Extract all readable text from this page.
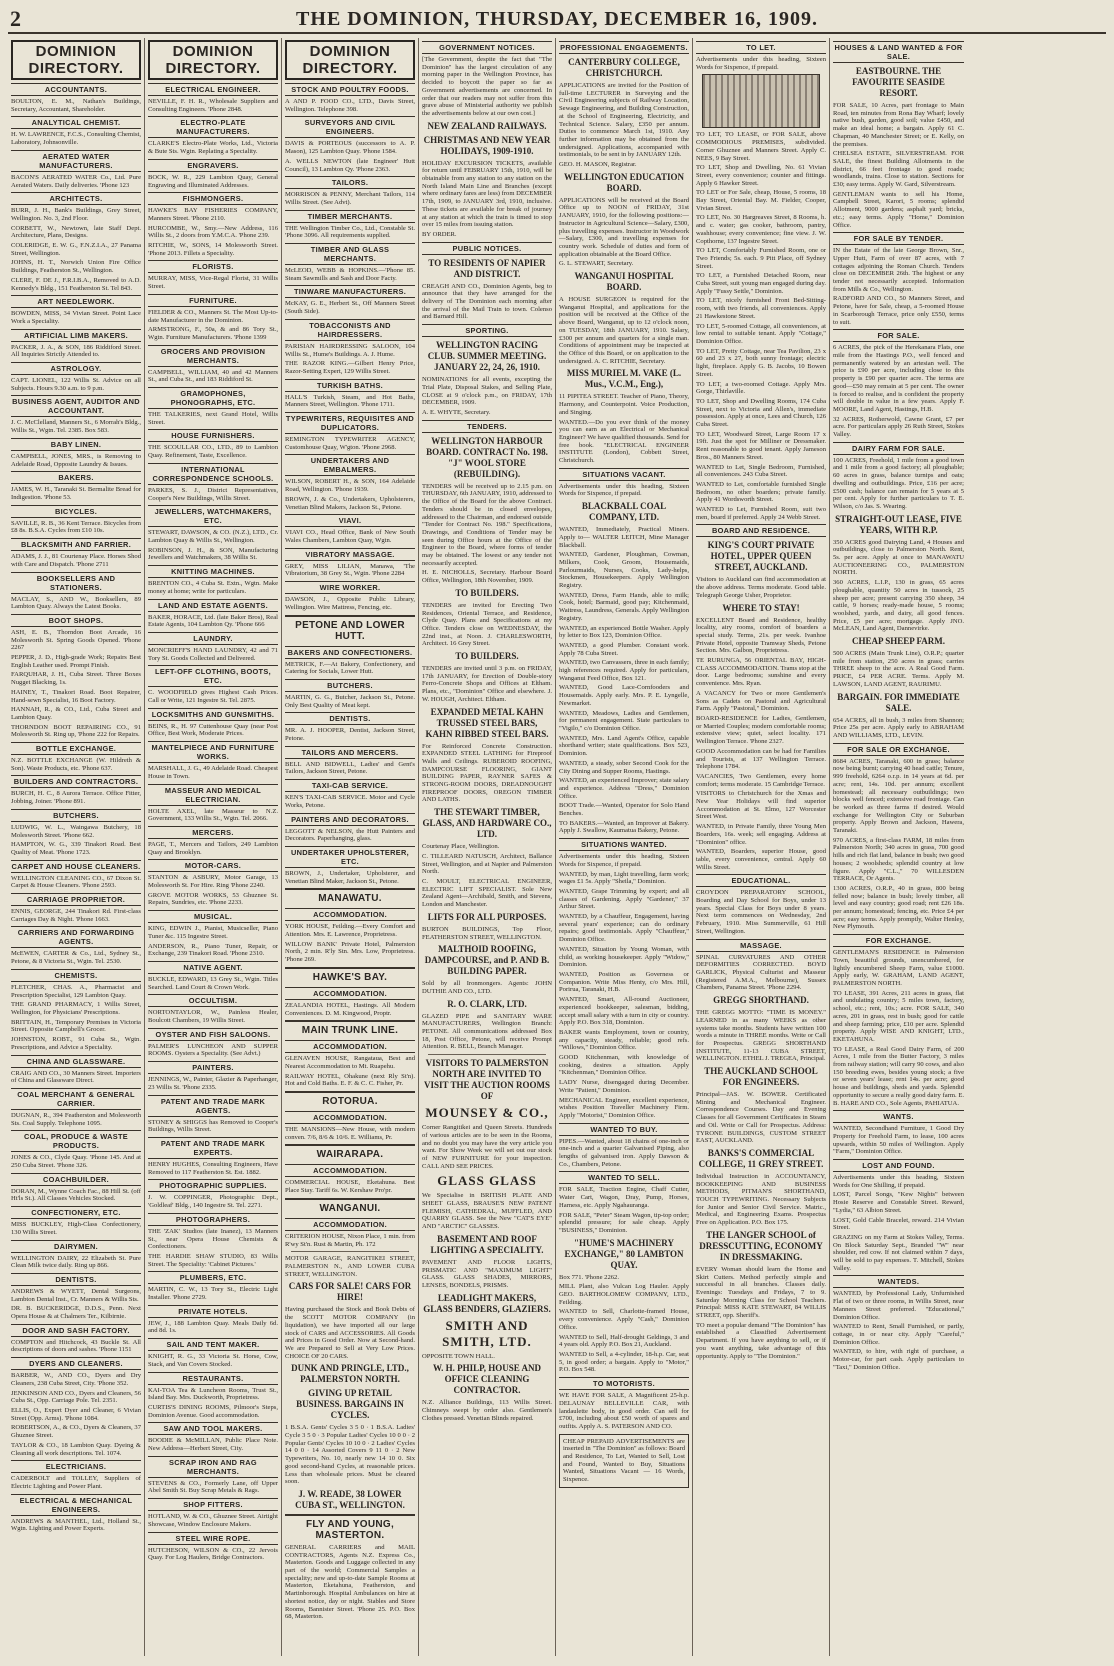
2	THE DOMINION, THURSDAY, DECEMBER 16, 1909.
DOMINION DIRECTORY.
ACCOUNTANTS.
BOULTON, E. M., Nathan's Buildings, Secretary, Accountant, Shareholder.
ANALYTICAL CHEMIST.
H. W. LAWRENCE, F.C.S., Consulting Chemist, Laboratory, Johnsonville.
AERATED WATER MANUFACTURERS.
BACON'S AERATED WATER Co., Ltd. Pure Aerated Waters. Daily deliveries. 'Phone 123
ARCHITECTS.
BURR, J. H., Bank's Buildings, Grey Street, Wellington. No. 3, 2nd Floor.
CORBETT, W., Newtown, late Staff Dept. Architecture, Plans, Designs.
COLERIDGE, E. W. G., F.N.Z.I.A., 27 Panama Street, Wellington.
JOHNS, H. T., Norwich Union Fire Office Buildings, Featherston St., Wellington.
CLERE, F. DE J., F.R.I.B.A., Removed to A.D. Kennedy's Bldg., 151 Featherston St. Tel 843.
ART NEEDLEWORK.
BOWDEN, MISS, 34 Vivian Street. Point Lace Work a Speciality.
ARTIFICIAL LIMB MAKERS.
PACKER, J. A., & SON, 186 Riddiford Street. All Inquiries Strictly Attended to.
ASTROLOGY.
CAPT. LIONEL, 122 Willis St. Advice on all Subjects. Hours 9.30 a.m. to 9 p.m.
BUSINESS AGENT, AUDITOR AND ACCOUNTANT.
J. C. McClelland, Manners St., 6 Morrah's Bldg., Willis St., Wgtn. Tel. 2385. Box 583.
BABY LINEN.
CAMPBELL, JONES, MRS., is Removing to Adelaide Road, Opposite Laundry & Issues.
BAKERS.
JAMES, W. H., Taranaki St. Bermalite Bread for Indigestion. 'Phone 53.
BICYCLES.
SAVILLE, R. B., 36 Kent Terrace. Bicycles from £8 8s. B.S.A. Cycles from £10 10s.
BLACKSMITH AND FARRIER.
ADAMS, J. J., 81 Courtenay Place. Horses Shod with Care and Dispatch. 'Phone 2711
BOOKSELLERS AND STATIONERS.
MACLAY, S., AND W., Booksellers, 89 Lambton Quay. Always the Latest Books.
BOOT SHOPS.
ASH, E. B., Thorndon Boot Arcade, 16 Molesworth St. Spring Goods Opened. 'Phone 2267
PEPPER, J. D., High-grade Work; Repairs Best English Leather used. Prompt Finish.
FARQUHAR, J. H., Cuba Street. Three Boxes Nugget Blacking, 1s.
HAINEY, T., Tinakori Road. Boot Repairer, Hand-sewn Specialist, 16 Boot Factory.
HANNAH, R., & CO., Ltd., Cuba Street and Lambton Quay.
THORNDON BOOT REPAIRING CO., 91 Molesworth St. Ring up, 'Phone 222 for Repairs.
BOTTLE EXCHANGE.
N.Z. BOTTLE EXCHANGE (W. Hildreth & Son). Waste Products, etc. 'Phone 637.
BUILDERS AND CONTRACTORS.
BURCH, H. C., 8 Aurora Terrace. Office Fitter, Jobbing, Joiner. 'Phone 891.
BUTCHERS.
LUDWIG, W. L., Waingawa Butchery, 18 Molesworth Street. 'Phone 662.
HAMPTON, W. G., 339 Tinakori Road. Best Quality of Meat. 'Phone 1723.
CARPET AND HOUSE CLEANERS.
WELLINGTON CLEANING CO., 67 Dixon St. Carpet & House Cleaners. 'Phone 2593.
CARRIAGE PROPRIETOR.
ENNIS, GEORGE, 244 Tinakori Rd. First-class Carriages Day & Night. 'Phone 1663.
CARRIERS AND FORWARDING AGENTS.
McEWEN, CARTER & Co., Ltd., Sydney St., Petone, & 8 Victoria St., Wgtn. Tel. 2530.
CHEMISTS.
FLETCHER, CHAS. A., Pharmacist and Prescription Specialist, 129 Lambton Quay.
THE GRAND PHARMACY, 1 Willis Street, Wellington, for Physicians' Prescriptions.
BRITTAIN, H., Temporary Premises in Victoria Street. Opposite Campbell's Grocer.
JOHNSTON, ROBT., 91 Cuba St., Wgtn. Prescriptions, and Advice a Speciality.
CHINA AND GLASSWARE.
CRAIG AND CO., 30 Manners Street. Importers of China and Glassware Direct.
COAL MERCHANT & GENERAL CARRIER.
DUGNAN, R., 394 Featherston and Molesworth Sts. Coal Supply. Telephone 1095.
COAL, PRODUCE & WASTE PRODUCTS.
JONES & CO., Clyde Quay. 'Phone 145. And at 250 Cuba Street. 'Phone 326.
COACHBUILDER.
DORAN, M., Wynne Coach Fac., 88 Hill St. (off Ht'ls St.). All Classes Vehicles Stocked.
CONFECTIONERY, ETC.
MISS BUCKLEY, High-Class Confectionery, 130 Willis Street.
DAIRYMEN.
WELLINGTON DAIRY, 22 Elizabeth St. Pure Clean Milk twice daily. Ring up 866.
DENTISTS.
ANDREWS & WYETT, Dental Surgeons, Lambton Dental Inst., Cr. Manners & Willis Sts.
DR. B. BUCKERIDGE, D.D.S., Penn. Next Opera House & at Chalmers Ter., Kilbirnie.
DOOR AND SASH FACTORY.
COMPTON and Hitchcock, 43 Buckle St. All descriptions of doors and sashes. 'Phone 1151
DYERS AND CLEANERS.
BARBER, W., AND CO., Dyers and Dry Cleaners, 238 Cuba Street, City. 'Phone 352.
JENKINSON AND CO., Dyers and Cleaners, 56 Cuba St., Opp. Carriage Pole. Tel. 2351.
ELLIS, O., Expert Dyer and Cleaner, 6 Vivian Street (Opp. Arms). 'Phone 1084.
ROBERTSON, A., & CO., Dyers & Cleaners, 37 Ghuznee Street.
TAYLOR & CO., 18 Lambton Quay. Dyeing & Cleaning all work descriptions. Tel. 1074.
ELECTRICIANS.
CADERBOLT and TOLLEY, Suppliers of Electric Lighting and Power Plant.
ELECTRICAL & MECHANICAL ENGINEERS.
ANDREWS & MANTHEL, Ltd., Holland St., Wgtn. Lighting and Power Experts.
DOMINION DIRECTORY.
ELECTRICAL ENGINEER.
NEVILLE, F. H. R., Wholesale Suppliers and Consulting Engineers. 'Phone 2848.
ELECTRO-PLATE MANUFACTURERS.
CLARKE'S Electro-Plate Works, Ltd., Victoria & Bute Sts. Wgtn. Replating a Speciality.
ENGRAVERS.
BOCK, W. R., 229 Lambton Quay, General Engraving and Illuminated Addresses.
FISHMONGERS.
HAWKE'S BAY FISHERIES COMPANY, Manners Street. 'Phone 2110.
HURCOMBE, W., Smy.—New Address, 116 Willis St., 2 doors from Y.M.C.A. 'Phone 239.
RITCHIE, W., SONS, 14 Molesworth Street. 'Phone 2013. Fillets a Speciality.
FLORISTS.
MURRAY, MISS, Vice-Regal Florist, 31 Willis Street.
FURNITURE.
FIELDER & CO., Manners St. The Most Up-to-date Manufacturer in the Dominion.
ARMSTRONG, F., 50a, & and 86 Tory St., Wgtn. Furniture Manufacturers. 'Phone 1399
GROCERS AND PROVISION MERCHANTS.
CAMPBELL, WILLIAM, 40 and 42 Manners St., and Cuba St., and 183 Riddiford St.
GRAMOPHONES, PHONOGRAPHS, ETC.
THE TALKERIES, next Grand Hotel, Willis Street.
HOUSE FURNISHERS.
THE SCOULLAR CO., LTD., 89 to Lambton Quay. Refinement, Taste, Excellence.
INTERNATIONAL CORRESPONDENCE SCHOOLS.
PARKES, S. J., District Representatives, Cooper's New Buildings, Willis Street.
JEWELLERS, WATCHMAKERS, ETC.
STEWART, DAWSON, & CO. (N.Z.), LTD., Cr. Lambton Quay & Willis St., Wellington.
ROBINSON, J. H., & SON, Manufacturing Jewellers and Watchmakers, 38 Willis St.
KNITTING MACHINES.
BRENTON CO., 4 Cuba St. Extn., Wgtn. Make money at home; write for particulars.
LAND AND ESTATE AGENTS.
BAKER, HORACE, Ltd. (late Baker Bros), Real Estate Agents, 104 Lambton Qy. 'Phone 666
LAUNDRY.
MONCRIEFF'S HAND LAUNDRY, 42 and 71 Tory St. Goods Collected and Delivered.
LEFT-OFF CLOTHING, BOOTS, ETC.
C. WOODFIELD gives Highest Cash Prices. Call or Write, 121 Ingestre St. Tel. 2875.
LOCKSMITHS AND GUNSMITHS.
BEINS, R., H. 97 Cuttenhouse Quay (near Post Office, Best Work, Moderate Prices.
MANTELPIECE AND FURNITURE WORKS.
MARSHALL, J. G., 49 Adelaide Road. Cheapest House in Town.
MASSEUR AND MEDICAL ELECTRICIAN.
HOLTE AXEL, late Masseur to N.Z. Government, 133 Willis St., Wgtn. Tel. 2066.
MERCERS.
PAGE, T., Mercers and Tailors, 249 Lambton Quay and Brooklyn.
MOTOR-CARS.
STANTON & ASBURY, Motor Garage, 13 Molesworth St. For Hire. Ring 'Phone 2240.
GROVE MOTOR WORKS, 53 Ghuznee St. Repairs, Sundries, etc. 'Phone 2233.
MUSICAL.
KING, EDWIN J., Pianist, Musicseller, Piano Tuner &c. 115 Ingestre Street.
ANDERSON, R., Piano Tuner, Repair, or Exchange, 239 Tinakori Road. 'Phone 2310.
NATIVE AGENT.
BUCKLE, EDWARD, 13 Grey St., Wgtn. Titles Searched. Land Court & Crown Work.
OCCULTISM.
NORTONTAYLOR, W., Painless Healer, Boulcott Chambers, 19 Willis Street.
OYSTER AND FISH SALOONS.
PALMER'S LUNCHEON AND SUPPER ROOMS. Oysters a Speciality. (See Advt.)
PAINTERS.
JENNINGS, W., Painter, Glazier & Paperhanger, 23 Willis St. 'Phone 2335.
PATENT AND TRADE MARK AGENTS.
STONEY & SHIGGS has Removed to Cooper's Buildings, Willis Street.
PATENT AND TRADE MARK EXPERTS.
HENRY HUGHES, Consulting Engineers, Have Removed to 117 Featherston St. Est. 1882.
PHOTOGRAPHIC SUPPLIES.
J. W. COPPINGER, Photographic Dept., 'Goldleaf' Bldg., 140 Ingestre St. Tel. 2271.
PHOTOGRAPHERS.
THE 'ZAK' Studios (late Inanez), 13 Manners St., near Opera House Chemists & Confectioners.
THE HARDIE SHAW STUDIO, 83 Willis Street. The Speciality: 'Cabinet Pictures.'
PLUMBERS, ETC.
MARTIN, C. W., 13 Tory St., Electric Light Installer. 'Phone 2729.
PRIVATE HOTELS.
JEW, J., 188 Lambton Quay. Meals Daily 6d. and 8d. 1s.
SAIL AND TENT MAKER.
KNIGHT, R. G., 33 Victoria St. Horse, Cow, Stack, and Van Covers Stocked.
RESTAURANTS.
KAI-TOA Tea & Luncheon Rooms, Trust St., Island Bay. Mrs. Duckworth, Proprietress.
CURTIS'S DINING ROOMS, Pilmoor's Steps, Dominion Avenue. Good accommodation.
SAW AND TOOL MAKERS.
BOODIE & McMILLAN, Public Place Note. New Address—Herbert Street, City.
SCRAP IRON AND RAG MERCHANTS.
STEVENS & CO., Formerly Lane, off Upper Abel Smith St. Buy Scrap Metals & Rags.
SHOP FITTERS.
HOTLAND, W. & CO., Ghuznee Street. Airtight Showcase, Window Enclosure Makers.
STEEL WIRE ROPE.
HUTCHESON, WILSON & CO., 22 Jervois Quay. For Log Haulers, Bridge Contractors.
DOMINION DIRECTORY.
STOCK AND POULTRY FOODS.
A AND P. FOOD CO., LTD., Davis Street, Wellington. Telephone 398.
SURVEYORS AND CIVIL ENGINEERS.
DAVIS & PORTEOUS (successors to A. P. Mason), 125 Lambton Quay. 'Phone 1584.
A. WELLS NEWTON (late Engineer' Hutt Council), 13 Lambton Qy. 'Phone 2363.
TAILORS.
MORRISON & PENNY, Merchant Tailors, 114 Willis Street. (See Advt).
TIMBER MERCHANTS.
THE Wellington Timber Co., Ltd., Constable St. 'Phone 3096. All requirements supplied.
TIMBER AND GLASS MERCHANTS.
McLEOD, WEBB & HOPKINS.—'Phone 85. Steam Sawmills and Sash and Door Facty.
TINWARE MANUFACTURERS.
McKAY, G. E., Herbert St., Off Manners Street (South Side).
TOBACCONISTS AND HAIRDRESSERS.
PARISIAN HAIRDRESSING SALOON, 104 Willis St., Hume's Buildings. A. J. Hume.
THE RAZOR KING.—Gilbert Henry Price, Razor-Setting Expert, 129 Willis Street.
TURKISH BATHS.
HALL'S Turkish, Steam, and Hot Baths, Manners Street, Wellington. 'Phone 1711.
TYPEWRITERS, REQUISITES AND DUPLICATORS.
REMINGTON TYPEWRITER AGENCY, Customhouse Quay, W'gton. 'Phone 2968.
UNDERTAKERS AND EMBALMERS.
WILSON, ROBERT H., & SON, 164 Adelaide Road, Wellington. 'Phone 1939.
BROWN, J. & Co., Undertakers, Upholsterers, Venetian Blind Makers, Jackson St., Petone.
VIAVI.
VIAVI CO., Head Office, Bank of New South Wales Chambers, Lambton Quay, Wgtn.
VIBRATORY MASSAGE.
GREY, MISS LILIAN, Manawa, 'The Vibratorium, 38 Grey St., Wgtn. 'Phone 2284
WIRE WORKER.
DAWSON, J., Opposite Public Library, Wellington. Wire Mattress, Fencing, etc.
PETONE AND LOWER HUTT.
BAKERS AND CONFECTIONERS.
METRICK, F.—At Bakery, Confectionery, and Catering for Socials, Lower Hutt.
BUTCHERS.
MARTIN, G. G., Butcher, Jackson St., Petone. Only Best Quality of Meat kept.
DENTISTS.
MR. A. J. HOOPER, Dentist, Jackson Street, Petone.
TAILORS AND MERCERS.
BELL AND BIDWELL, Ladies' and Gent's Tailors, Jackson Street, Petone.
TAXI-CAB SERVICE.
KEN'S TAXI-CAB SERVICE. Motor and Cycle Works, Petone.
PAINTERS AND DECORATORS.
LEGGOTT & NELSON, the Hutt Painters and Decorators. Paperhanging, glass.
UNDERTAKER UPHOLSTERER, ETC.
BROWN, J., Undertaker, Upholsterer, and Venetian Blind Maker, Jackson St., Petone.
MANAWATU.
ACCOMMODATION.
YORK HOUSE, Feilding.—Every Comfort and Attention. Mrs. E. Lawrence, Proprietress.
WILLOW BANK' Private Hotel, Palmerston North, 2 min. R'ly Stn. Mrs. Low, Proprietress. 'Phone 269.
HAWKE'S BAY.
ACCOMMODATION.
ZEALANDIA HOTEL, Hastings. All Modern Conveniences. D. M. Kingwood, Proptr.
MAIN TRUNK LINE.
ACCOMMODATION.
GLENAVEN HOUSE, Rangataua, Best and Nearest Accommodation to Mt. Ruapehu.
RAILWAY HOTEL, Ohakune (next Rly St'n). Hot and Cold Baths. E. F. & C. C. Fisher, Pr.
ROTORUA.
ACCOMMODATION.
THE MANSIONS—New House, with modern conven. 7/6, 8/6 & 10/6. E. Williams, Pr.
WAIRARAPA.
ACCOMMODATION.
COMMERCIAL HOUSE, Eketahuna. Best Place Stay. Tariff 6s. W. Kershaw Pro'pr.
WANGANUI.
ACCOMMODATION.
CRITERION HOUSE, Nixon Place, 1 min. from R'wy St'n. Rust & Martin, Ph. 172
MOTOR GARAGE, RANGITIKEI STREET, PALMERSTON N., AND LOWER CUBA STREET, WELLINGTON.
CARS FOR SALE! CARS FOR HIRE!
Having purchased the Stock and Book Debts of the SCOTT MOTOR COMPANY (in liquidation), we have imported all our large stock of CARS and ACCESSORIES. All Goods and Prices in Good Order. Now at Second-hand. We are Prepared to Sell at Very Low Prices. CHOICE OF 20 CARS.
DUNK AND PRINGLE, LTD., PALMERSTON NORTH.
GIVING UP RETAIL BUSINESS. BARGAINS IN CYCLES.
1 B.S.A. Gents' Cycles 3 5 0 · 1 B.S.A. Ladies' Cycle 3 5 0 · 3 Popular Ladies' Cycles 10 0 0 · 2 Popular Gents' Cycles 10 10 0 · 2 Ladies' Cycles 14 0 0 · 14 Assorted Covers 9 11 0 · 2 New Typewriters, No. 10, nearly new 14 10 0. Six good second-hand Cycles, at reasonable prices. Less than wholesale prices. Must be cleared soon.
J. W. READE, 38 LOWER CUBA ST., WELLINGTON.
FLY AND YOUNG, MASTERTON.
GENERAL CARRIERS and MAIL CONTRACTORS, Agents N.Z. Express Co., Masterton. Goods and Luggage collected in any part of the world; Commercial Samples a speciality; new and up-to-date Sample Rooms at Masterton, Eketahuna, Featherston, and Martinborough. Hospital Ambulances on hire at shortest notice, day or night. Stables and Store Rooms, Bannister Street. 'Phone 25. P.O. Box 68, Masterton.
GOVERNMENT NOTICES.
[The Government, despite the fact that "The Dominion" has the largest circulation of any morning paper in the Wellington Province, has decided to boycott the paper so far as Government advertisements are concerned. In order that our readers may not suffer from this grave abuse of Ministerial authority we publish the advertisements below at our own cost.]
NEW ZEALAND RAILWAYS.
CHRISTMAS AND NEW YEAR HOLIDAYS, 1909-1910.
HOLIDAY EXCURSION TICKETS, available for return until FEBRUARY 15th, 1910, will be obtainable from any station to any station on the North Island Main Line and Branches (except where ordinary fares are less) from DECEMBER 17th, 1909, to JANUARY 3rd, 1910, inclusive. These tickets are available for break of journey at any station at which the train is timed to stop over 15 miles from issuing station.
BY ORDER.
PUBLIC NOTICES.
TO RESIDENTS OF NAPIER AND DISTRICT.
CREAGH AND CO., Dominion Agents, beg to announce that they have arranged for the delivery of The Dominion each morning after the arrival of the Mail Train to town. Colenso and Barnard Hill.
SPORTING.
WELLINGTON RACING CLUB. SUMMER MEETING. JANUARY 22, 24, 26, 1910.
NOMINATIONS for all events, excepting the Trial Plate, Disposal Stakes, and Selling Plate, CLOSE at 9 o'clock p.m., on FRIDAY, 17th DECEMBER, 1909.
A. E. WHYTE, Secretary.
TENDERS.
WELLINGTON HARBOUR BOARD. CONTRACT No. 198. "J" WOOL STORE (REBUILDING).
TENDERS will be received up to 2.15 p.m. on THURSDAY, 6th JANUARY, 1910, addressed to the Office of the Board for the above Contract. Tenders should be in closed envelopes, addressed to the Chairman, and endorsed outside "Tender for Contract No. 198." Specifications, Drawings, and Conditions of Tender may be seen during Office hours at the Office of the Engineer to the Board, where forms of tender may be obtained. The lowest or any tender not necessarily accepted.
H. E. NICHOLLS, Secretary. Harbour Board Office, Wellington, 18th November, 1909.
TO BUILDERS.
TENDERS are invited for Erecting Two Residences, Oriental Terrace, and Residence, Clyde Quay. Plans and Specifications at my Office. Tenders close on WEDNESDAY, the 22nd inst., at Noon. J. CHARLESWORTH, Architect. 16 Grey Street.
TO BUILDERS.
TENDERS are invited until 3 p.m. on FRIDAY, 17th JANUARY, for Erection of Double-story Ferro-Concrete Shops and Offices at Eltham. Plans, etc., "Dominion" Office and elsewhere. J. W. HOUGH, Architect. Eltham.
EXPANDED METAL KAHN TRUSSED STEEL BARS, KAHN RIBBED STEEL BARS.
For Reinforced Concrete Construction. EXPANDED STEEL LATHING for Fireproof Walls and Ceilings. RUBEROID ROOFING, DAMPCOURSE FLOORING, GIANT BUILDING PAPER, RAYNER SAFES & STRONG-ROOM DOORS, DREADNOUGHT FIREPROOF DOORS, OREGON TIMBER AND LATHS.
THE STEWART TIMBER, GLASS, AND HARDWARE CO., LTD.
Courtenay Place, Wellington.
C. TILLEARD NATUSCH, Architect, Ballance Street, Wellington, and at Napier and Palmerston North.
C. MOULT, ELECTRICAL ENGINEER, ELECTRIC LIFT SPECIALIST. Sole New Zealand Agent—Archibald, Smith, and Stevens, London and Manchester.
LIFTS FOR ALL PURPOSES.
BURTON BUILDINGS, Top Floor, FEATHERSTON STREET, WELLINGTON.
MALTHOID ROOFING, DAMPCOURSE, and P. AND B. BUILDING PAPER.
Sold by all Ironmongers. Agents: JOHN DUTHIE AND CO., LTD.
R. O. CLARK, LTD.
GLAZED PIPE and SANITARY WARE MANUFACTURERS, Wellington Branch: PETONE. All communications addressed Box 18, Post Office, Petone, will receive Prompt Attention. R. BELL, Branch Manager.
VISITORS TO PALMERSTON NORTH ARE INVITED TO VISIT THE AUCTION ROOMS OF
MOUNSEY & CO.,
Corner Rangitikei and Queen Streets. Hundreds of various articles are to be seen in the Rooms, and no doubt you may have the very article you want. For Show Week we will set out our stock of NEW FURNITURE for your inspection. CALL AND SEE PRICES.
GLASS GLASS
We Specialise in BRITISH PLATE AND SHEET GLASS, BRAUSE'S NEW PATENT FLEMISH, CATHEDRAL, MUFFLED, AND QUARRY GLASS. See the New "CAT'S EYE" AND "ARCTIC" GLASSES.
BASEMENT AND ROOF LIGHTING A SPECIALITY.
PAVEMENT AND FLOOR LIGHTS, PRISMATIC AND "MAXIMUM LIGHT" GLASS. GLASS SHADES, MIRRORS, LENSES, BONDELS, PRISMS.
LEADLIGHT MAKERS, GLASS BENDERS, GLAZIERS.
SMITH AND SMITH, LTD.
OPPOSITE TOWN HALL.
W. H. PHILP, HOUSE AND OFFICE CLEANING CONTRACTOR.
N.Z. Alliance Buildings, 113 Willis Street. Chimneys swept by order also. Gentlemen's Clothes pressed. Venetian Blinds repaired.
PROFESSIONAL ENGAGEMENTS.
CANTERBURY COLLEGE, CHRISTCHURCH.
APPLICATIONS are invited for the Position of full-time LECTURER in Surveying and the Civil Engineering subjects of Railway Location, Sewage Engineering, and Building Construction, at the School of Engineering, Electricity, and Technical Science. Salary, £350 per annum. Duties to commence March 1st, 1910. Any further information may be obtained from the undersigned. Applications, accompanied with testimonials, to be sent in by JANUARY 12th.
GEO. H. MASON, Registrar.
WELLINGTON EDUCATION BOARD.
APPLICATIONS will be received at the Board Office up to NOON of FRIDAY, 31st JANUARY, 1910, for the following positions:— Instructor in Agricultural Science—Salary, £300, plus travelling expenses. Instructor in Woodwork—Salary, £300, and travelling expenses for country work. Schedule of duties and form of application obtainable at the Board Office.
G. L. STEWART, Secretary.
WANGANUI HOSPITAL BOARD.
A HOUSE SURGEON is required for the Wanganui Hospital, and applications for the position will be received at the Office of the above Board, Wanganui, up to 12 o'clock noon, on TUESDAY, 18th JANUARY, 1910. Salary, £300 per annum and quarters for a single man. Conditions of appointment may be inspected at the Office of this Board, or on application to the undersigned. A. C. RITCHIE, Secretary.
MISS MURIEL M. VAKE (L. Mus., V.C.M., Eng.),
11 PIPITEA STREET. Teacher of Piano, Theory, Harmony, and Counterpoint. Voice Production, and Singing.
WANTED.—Do you ever think of the money you can earn as an Electrical or Mechanical Engineer? We have qualified thousands. Send for free book. "ELECTRICAL ENGINEER INSTITUTE (London), Cobbett Street, Christchurch.
SITUATIONS VACANT.
Advertisements under this heading, Sixteen Words for Sixpence, if prepaid.
BLACKBALL COAL COMPANY, LTD.
WANTED, Immediately, Practical Miners. Apply to— WALTER LEITCH, Mine Manager Blackball.
WANTED, Gardener, Ploughman, Cowman, Milkers, Cook, Groom, Housemaids, Parlourmaids, Nurses, Cooks, Lady-helps, Stockmen, Housekeepers. Apply Wellington Registry.
WANTED, Dress, Farm Hands, able to milk; Cook, hotel; Barmaid, good pay; Kitchenmaid, Waitress, Laundress, Generals. Apply Wellington Registry.
WANTED, an experienced Bottle Washer. Apply by letter to Box 123, Dominion Office.
WANTED, a good Plumber. Constant work. Apply 78 Cuba Street.
WANTED, two Canvassers, three in each family; high references required. Apply for particulars, Wanganui Feed Office, Box 121.
WANTED, Good Lace-Cornfooders and Housemaids. Apply early. Mrs. P. E. Lyngelle, Newmarket.
WANTED, Meadows, Ladies and Gentlemen, for permanent engagement. State particulars to "Vigilo," c/o Dominion Office.
WANTED, Mrs. Land Agent's Office, capable shorthand writer; state qualifications. Box 523, Dominion.
WANTED, a steady, sober Second Cook for the City Dining and Supper Rooms, Hastings.
WANTED, an experienced Improver; state salary and experience. Address "Dress," Dominion Office.
BOOT Trade.—Wanted, Operator for Solo Hand Benches.
TO BAKERS.—Wanted, an Improver at Bakery. Apply J. Swallow, Kaumatua Bakery, Petone.
SITUATIONS WANTED.
Advertisements under this heading, Sixteen Words for Sixpence, if prepaid.
WANTED, by man, Light travelling, farm work; wages £1 5s. Apply "Sheila," Dominion.
WANTED, Grape Trimming by expert; and all classes of Gardening. Apply "Gardener," 37 Arthur Street.
WANTED, by a Chauffeur, Engagement, having several years' experience; can do ordinary repairs; good testimonials. Apply "Chauffeur," Dominion Office.
WANTED, Situation by Young Woman, with child, as working housekeeper. Apply "Widow," Dominion.
WANTED, Position as Governess or Companion. Write Miss Henty, c/o Mrs. Hill, Porirua, Taranaki, H.B.
WANTED, Smart, All-round Auctioneer, experienced bookkeeper, salesman, bidding, accept small salary with a turn in city or country. Apply P.O. Box 318, Dominion.
BAKER wants Employment, town or country, any capacity, steady, reliable; good refs. "Willows," Dominion Office.
GOOD Kitchenman, with knowledge of cooking, desires a situation. Apply "Kitchenman," Dominion Office.
LADY Nurse, disengaged during December. Write "Patient," Dominion.
MECHANICAL Engineer, excellent experience, wishes Position Traveller Machinery Firm. Apply "Motorist," Dominion Office.
WANTED TO BUY.
PIPES.—Wanted, about 18 chains of one-inch or one-inch and a quarter Galvanised Piping, also lengths of galvanised iron. Apply Dawson & Co., Chambers, Petone.
WANTED TO SELL.
FOR SALE, Traction Engine, Chaff Cutter, Water Cart, Wagon, Dray, Pump, Horses, Harness, etc. Apply Ngahauranga.
FOR SALE, "Peter" Steam Wagon, tip-top order; splendid pressure; for sale cheap. Apply "BUSINESS," Dominion.
"HUME'S MACHINERY EXCHANGE," 80 LAMBTON QUAY.
Box 771. 'Phone 2262.
MILL Plant, also Vulcan Log Hauler. Apply GEO. BARTHOLOMEW COMPANY, LTD., Feilding.
WANTED to Sell, Charlotte-framed House, every convenience. Apply "Cash," Dominion Office.
WANTED to Sell, Half-drought Geldings, 3 and 4 years old. Apply P.O. Box 21, Auckland.
WANTED to Sell, a 4-cylinder, 18-h.p. Car, seat 5, in good order; a bargain. Apply to "Motor," P.O. Box 548.
TO MOTORISTS.
WE HAVE FOR SALE, A Magnificent 25-h.p. DELAUNAY BELLEVILLE CAR, with landaulette body, in good order. Can sell for £700, including about £50 worth of spares and outfits. Apply A. S. PATERSON AND CO.
CHEAP PREPAID ADVERTISEMENTS are inserted in "The Dominion" as follows: Board and Residence, To Let, Wanted to Sell, Lost and Found, Wanted to Buy, Situations Wanted, Situations Vacant — 16 Words, Sixpence.
TO LET.
Advertisements under this heading, Sixteen Words for Sixpence, if prepaid.
TO LET, TO LEASE, or FOR SALE, above COMMODIOUS PREMISES, subdivided. Corner Ghuznee and Manners Street. Apply C. NEES, 9 Bay Street.
TO LET, Shop and Dwelling, No. 61 Vivian Street, every convenience; counter and fittings. Apply 6 Hawker Street.
TO LET or For Sale, cheap, House, 5 rooms, 18 Bay Street, Oriental Bay. M. Fielder, Cooper, Vivian Street.
TO LET, No. 30 Hargreaves Street, 8 Rooms, h. and c. water; gas cooker, bathroom, pantry, washhouse; every convenience; fine view. J. W. Copthorne, 137 Ingestre Street.
TO LET, Comfortably Furnished Room, one or Two Friends; 5s. each. 9 Pitt Place, off Sydney Street.
TO LET, a Furnished Detached Room, near Cuba Street, suit young man engaged during day. Apply "Fussy Settle," Dominion.
TO LET, nicely furnished Front Bed-Sitting-room, with two friends, all conveniences. Apply 21 Hawkestone Street.
TO LET, 5-roomed Cottage, all conveniences, at low rental to suitable tenant. Apply "Cottage," Dominion Office.
TO LET, Pretty Cottage, near Tea Pavilion, 23 x 60 and 23 x 27, both sunny frontage; electric light, fireplace. Apply G. B. Jacobs, 10 Bowen Street.
TO LET, a two-roomed Cottage. Apply Mrs. Gorge, Thirlaville.
TO LET, Shop and Dwelling Rooms, 174 Cuba Street, next to Victoria and Allen's, immediate possession. Apply at once, Lees and Church, 126 Cuba Street.
TO LET, Woodward Street, Large Room 17 x 19ft. Just the spot for Milliner or Dressmaker. Rent reasonable to good tenant. Apply Jameson Bros., 80 Manners Street.
WANTED to Let, Single Bedroom, Furnished, all conveniences. 243 Cuba Street.
WANTED to Let, comfortable furnished Single Bedroom, no other boarders; private family. Apply 41 Wordsworth Street.
WANTED to Let, Furnished Room, suit two men, board if preferred. Apply 24 Webb Street.
BOARD AND RESIDENCE.
KING'S COURT PRIVATE HOTEL, UPPER QUEEN STREET, AUCKLAND.
Visitors to Auckland can find accommodation at the above address. Terms moderate. Good table. Telegraph George Usher, Proprietor.
WHERE TO STAY!
EXCELLENT Board and Residence, healthy locality, airy rooms, comfort of boarders a special study. Terms, 21s. per week. Ivanhoe Private Hotel, opposite Tramway Sheds, Petone Section. Mrs. Galbon, Proprietress.
TE RURUNGA, 56 ORIENTAL BAY, HIGH-CLASS ACCOMMODATION. Trams stop at the door. Large bedrooms; sunshine and every convenience. Mrs. Ryan.
A VACANCY for Two or more Gentlemen's Sons as Cadets on Pastoral and Agricultural Farm. Apply "Pastoral," Dominion.
BOARD-RESIDENCE for Ladies, Gentlemen, or Married Couples; modern comfortable rooms; extensive view; quiet, select locality. 171 Wellington Terrace. 'Phone 2327.
GOOD Accommodation can be had for Families and Tourists, at 137 Wellington Terrace. Telephone 1784.
VACANCIES, Two Gentlemen, every home comfort; terms moderate. 15 Cambridge Terrace.
VISITORS to Christchurch for the Xmas and New Year Holidays will find superior Accommodation at St. Elmo, 127 Worcester Street West.
WANTED, in Private Family, three Young Men Boarders, 16s. week; sell engaging. Address at "Dominion" office.
WANTED, Boarders, superior House, good table, every convenience, central. Apply 60 Willis Street.
EDUCATIONAL.
CROYDON PREPARATORY SCHOOL, Boarding and Day School for Boys, under 13 years. Special Class for Boys under 8 years. Next term commences on Wednesday, 2nd February, 1910. Miss Summerville, 61 Hill Street, Wellington.
MASSAGE.
SPINAL CURVATURES AND OTHER DEFORMITIES CORRECTED. BOYD GARLICK, Physical Culturist and Masseur (Registered A.M.A., Melbourne), Sussex Chambers, Panama Street. 'Phone 2294.
GREGG SHORTHAND.
THE GREGG MOTTO: "TIME IS MONEY." LEARNED in as many WEEKS as other systems take months. Students have written 100 words a minute in THREE months. Write or Call for Prospectus. GREGG SHORTHAND INSTITUTE, 11-13 CUBA STREET, WELLINGTON. ETHEL J. TREGEA, Principal.
THE AUCKLAND SCHOOL FOR ENGINEERS.
Principal—JAS. W. BOWER. Certificated Mining and Mechanical Engineer. Correspondence Courses. Day and Evening Classes for all Government Certificates in Steam and Oil. Write or Call for Prospectus. Address: TYRONE BUILDINGS, CUSTOM STREET EAST, AUCKLAND.
BANKS'S COMMERCIAL COLLEGE, 11 GREY STREET.
Individual Instruction in ACCOUNTANCY, BOOKKEEPING AND BUSINESS METHODS, PITMAN'S SHORTHAND, TOUCH TYPEWRITING. Necessary Subjects for Junior and Senior Civil Service. Matric., Medical, and Engineering Exams. Prospectus Free on Application. P.O. Box 175.
THE LANGER SCHOOL of DRESSCUTTING, ECONOMY IN DRESSMAKING.
EVERY Woman should learn the Home and Skirt Cutters. Method perfectly simple and successful in all branches. Classes daily. Evenings: Tuesdays and Fridays, 7 to 9. Saturday Morning Class for School Teachers. Principal: MISS KATE STEWART, 84 WILLIS STREET, opp. Sheriff's.
TO meet a popular demand "The Dominion" has established a Classified Advertisement Department. If you have anything to sell, or if you want anything, take advantage of this opportunity. Apply to "The Dominion."
HOUSES & LAND WANTED & FOR SALE.
EASTBOURNE. THE FAVOURITE SEASIDE RESORT.
FOR SALE, 10 Acres, part frontage to Main Road, ten minutes from Rona Bay Wharf; lovely native bush, garden, good soil; value £450, and make an ideal home; a bargain. Apply 61 C. Chapman, 40 Manchester Street; or E. Kelly, on the premises.
CHELSEA ESTATE, SILVERSTREAM. FOR SALE, the finest Building Allotments in the district, 66 feet frontage to good roads; woodlands, trains. Close to station. Sections for £30; easy terms. Apply W. Gard, Silverstream.
GENTLEMAN wants to sell his Home, Campbell Street, Karori, 5 rooms; splendid Allotment, 9000 gardens; asphalt yard; bricks, etc.; easy terms. Apply "Home," Dominion Office.
FOR SALE BY TENDER.
IN the Estate of the late George Brown, Snr., Upper Hutt, Farm of over 87 acres, with 7 cottages adjoining the Roman Church. Tenders close on DECEMBER 26th. The highest or any tender not necessarily accepted. Information from Mills & Co., Wellington.
RADFORD AND CO., 50 Manners Street, and Petone, have for Sale, cheap, a 5-roomed House in Scarborough Terrace, price only £550, terms to suit.
FOR SALE.
6 ACRES, the pick of the Herekanara Flats, one mile from the Hastings P.O., well fenced and permanently watered by an artesian well. The price is £90 per acre, including close to this property is £90 per quarter acre. The terms are good—£50 may remain at 5 per cent. The owner is forced to realise, and is confident the property will double in value in a few years. Apply F. MOORE, Land Agent, Hastings, H.B.
32 ACRES, Rotherwold, Cawne Grant, £7 per acre. For particulars apply 26 Ruth Street, Stokes Valley.
DAIRY FARM FOR SALE.
100 ACRES, Freehold, 1 mile from a good town and 1 mile from a good factory; all ploughable; 60 acres in grass, balance turnips and oats; dwelling and outbuildings. Price, £16 per acre; £500 cash; balance can remain for 5 years at 5 per cent. Apply for further particulars to T. E. Wilson, c/o Jas. S. Wearing.
STRAIGHT-OUT LEASE, FIVE YEARS, WITH R.P.
350 ACRES good Dairying Land, 4 Houses and outbuildings, close to Palmerston North. Rent, 5s. per acre. Apply at once to MANAWATU AUCTIONEERING CO., PALMERSTON NORTH.
360 ACRES, L.I.P., 130 in grass, 65 acres ploughable, quantity 50 acres in tussock, 25 sheep per acre; present carrying 350 sheep, 34 cattle, 9 horses; ready-made house, 5 rooms; woolshed, yards, and dairy, all good fences. Price, £5 per acre; mortgage. Apply JNO. McLEAN, Land Agent, Dannevirke.
CHEAP SHEEP FARM.
500 ACRES (Main Trunk Line), O.R.P.; quarter mile from station, 250 acres in grass; carries THREE sheep to the acre. A Real Good Farm. PRICE, £4 PER ACRE. Terms. Apply M. LAWSON, LAND AGENT, RAURIMU.
BARGAIN. FOR IMMEDIATE SALE.
654 ACRES, all in bush, 3 miles from Shannon; Price 25s per acre. Apply early to ABRAHAM AND WILLIAMS, LTD., LEVIN.
FOR SALE OR EXCHANGE.
8684 ACRES, Taranaki, 600 in grass; balance now being burnt; carrying 40 head cattle; Tenure, 999 freehold, 6264 o.r.p. in 14 years at 6d. per acre; rent, 14s. 10d. per annum; excellent homestead; all necessary outbuildings; two blocks well fenced; extensive road frontage. Can be worked as three farms if desired. Would exchange for Wellington City or Suburban property. Apply Brown and Jackson, Hawera, Taranaki.
970 ACRES, a first-class FARM, 18 miles from Palmerston North; 340 acres in grass, 700 good hills and rich flat land, balance in bush; two good houses; 2 woolsheds; splendid country at low figure. Apply "C.L.," 70 WILLESDEN TERRACE, Or Agents.
1300 ACRES, O.R.P., 40 in grass, 800 being felled now; balance in bush; lovely timber, all level and easy country; good road; rent £26 18s. per annum; homestead; fencing, etc. Price £4 per acre; easy terms. Apply promptly, Walter Henley, New Plymouth.
FOR EXCHANGE.
GENTLEMAN'S RESIDENCE in Palmerston Town, beautiful grounds, unencumbered, for lightly encumbered Sheep Farm, value £1000. Apply early, W. GRAHAM, LAND AGENT, PALMERSTON NORTH.
TO LEASE, 391 Acres, 211 acres in grass, flat and undulating country; 5 miles town, factory, school, etc.; rent, 10s.; acre. FOR SALE, 340 acres, 201 in grass, rest in bush; good for cattle and sheep farming; price, £10 per acre. Splendid property. Apply WISE AND KNIGHT, LTD., EKETAHUNA.
TO LEASE, a Real Good Dairy Farm, of 200 Acres, 1 mile from the Butter Factory, 3 miles from railway station; will carry 90 cows, and also 150 breeding ewes, besides young stock; a five or seven years' lease; rent 14s. per acre; good house and buildings, sheds and yards. Splendid opportunity to secure a really good dairy farm. E. B. HARE AND CO., Sole Agents, PAHIATUA.
WANTS.
WANTED, Secondhand Furniture, 1 Good Dry Property for Freehold Farm, to lease, 100 acres upwards, within 50 miles of Wellington. Apply "Farm," Dominion Office.
LOST AND FOUND.
Advertisements under this heading, Sixteen Words for One Shilling, if prepaid.
LOST, Parcel Songs, "Kew Nights" between Hosie Reserve and Constable Street. Reward, "Lydia," 63 Albion Street.
LOST, Gold Cable Bracelet, reward. 214 Vivian Street.
GRAZING on my Farm at Stokes Valley, Terms. On Block Saturday Sept., Branded "W" near shoulder, red cow. If not claimed within 7 days, will be sold to pay expenses. T. Mitchell, Stokes Valley.
WANTEDS.
WANTED, by Professional Lady, Unfurnished Flat of two or three rooms, in Willis Street, near Manners Street preferred. "Educational," Dominion Office.
WANTED to Rent, Small Furnished, or partly, cottage, in or near city. Apply "Careful," Dominion Office.
WANTED, to hire, with right of purchase, a Motor-car, for part cash. Apply particulars to "Taxi," Dominion Office.
